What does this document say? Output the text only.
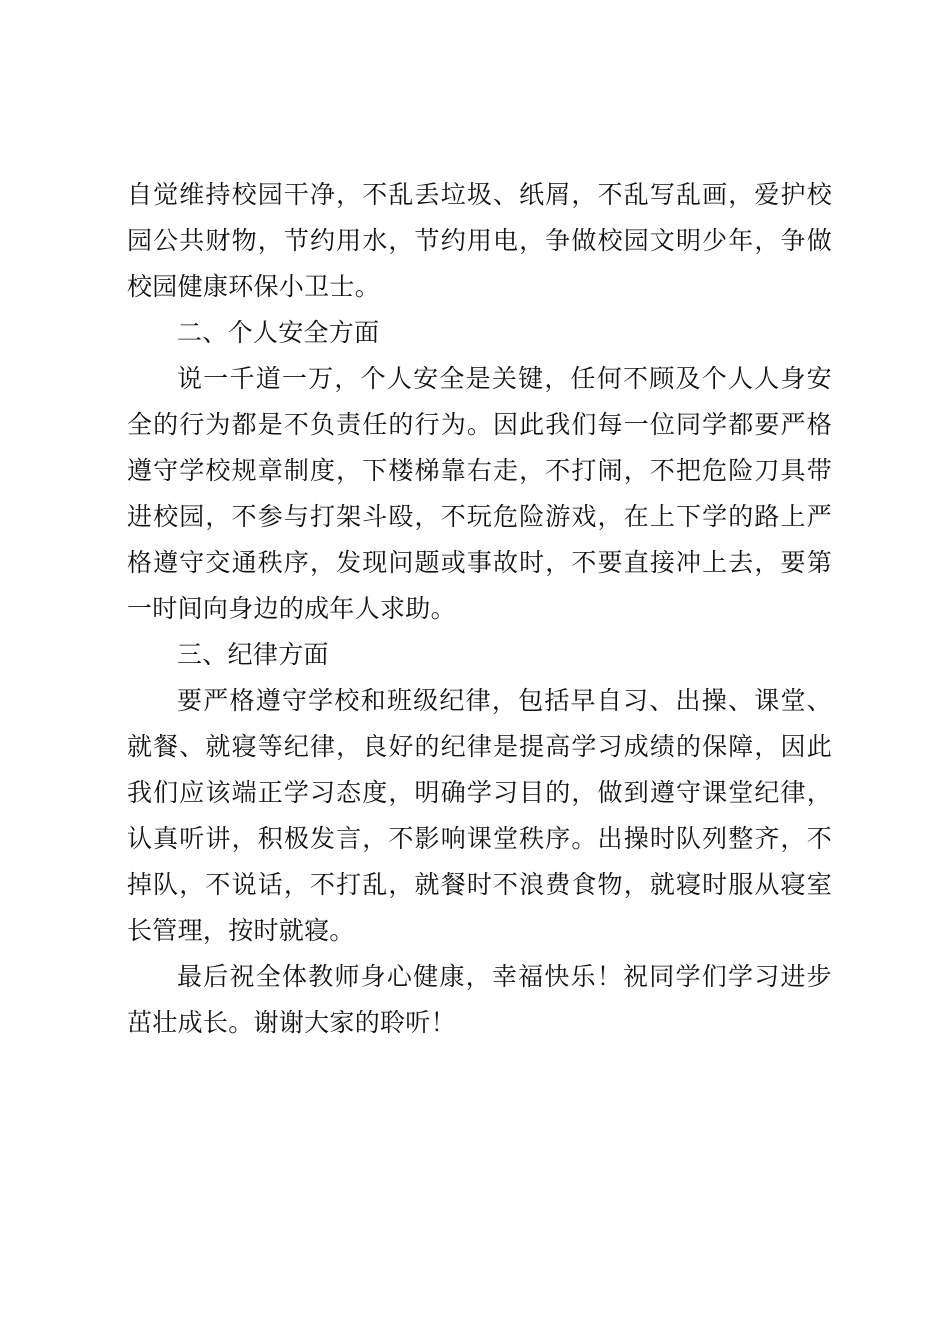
自觉维持校园干净，不乱丢垃圾、纸屑，不乱写乱画，爱护校
园公共财物，节约用水，节约用电，争做校园文明少年，争做
校园健康环保小卫士。
二、个人安全方面
说一千道一万，个人安全是关键，任何不顾及个人人身安
全的行为都是不负责任的行为。因此我们每一位同学都要严格
遵守学校规章制度，下楼梯靠右走，不打闹，不把危险刀具带
进校园，不参与打架斗殴，不玩危险游戏，在上下学的路上严
格遵守交通秩序，发现问题或事故时，不要直接冲上去，要第
一时间向身边的成年人求助。
三、纪律方面
要严格遵守学校和班级纪律，包括早自习、出操、课堂、
就餐、就寝等纪律，良好的纪律是提高学习成绩的保障，因此
我们应该端正学习态度，明确学习目的，做到遵守课堂纪律，
认真听讲，积极发言，不影响课堂秩序。出操时队列整齐，不
掉队，不说话，不打乱，就餐时不浪费食物，就寝时服从寝室
长管理，按时就寝。
最后祝全体教师身心健康，幸福快乐！祝同学们学习进步
茁壮成长。谢谢大家的聆听！
